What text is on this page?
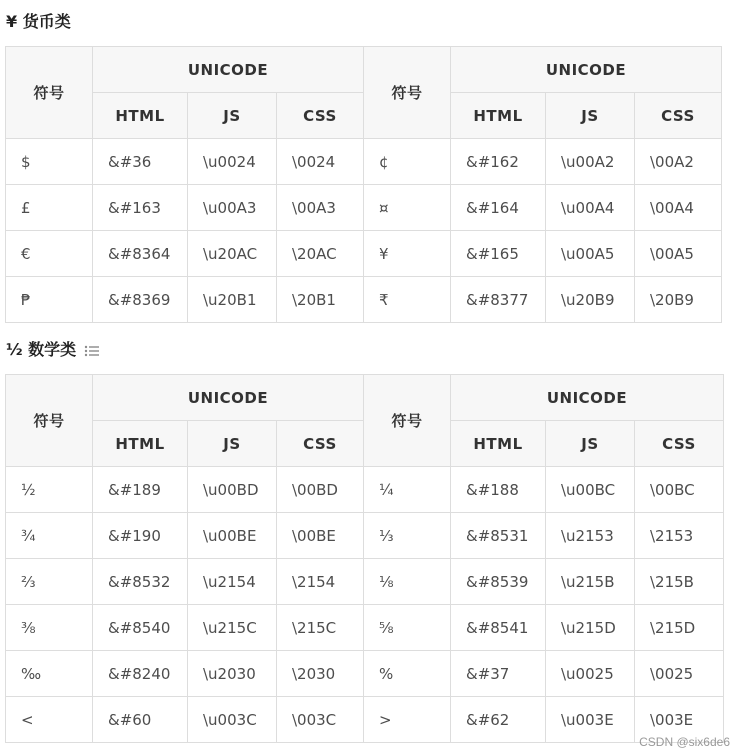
¥ 货币类
符号	UNICODE			符号	UNICODE		
	HTML	JS	CSS		HTML	JS	CSS
$	&#36	\u0024	\0024	¢	&#162	\u00A2	\00A2
£	&#163	\u00A3	\00A3	¤	&#164	\u00A4	\00A4
€	&#8364	\u20AC	\20AC	¥	&#165	\u00A5	\00A5
₱	&#8369	\u20B1	\20B1	₹	&#8377	\u20B9	\20B9
½ 数学类
符号	UNICODE			符号	UNICODE		
	HTML	JS	CSS		HTML	JS	CSS
½	&#189	\u00BD	\00BD	¼	&#188	\u00BC	\00BC
¾	&#190	\u00BE	\00BE	⅓	&#8531	\u2153	\2153
⅔	&#8532	\u2154	\2154	⅛	&#8539	\u215B	\215B
⅜	&#8540	\u215C	\215C	⅝	&#8541	\u215D	\215D
‰	&#8240	\u2030	\2030	%	&#37	\u0025	\0025
<	&#60	\u003C	\003C	>	&#62	\u003E	\003E
CSDN @six6de6
